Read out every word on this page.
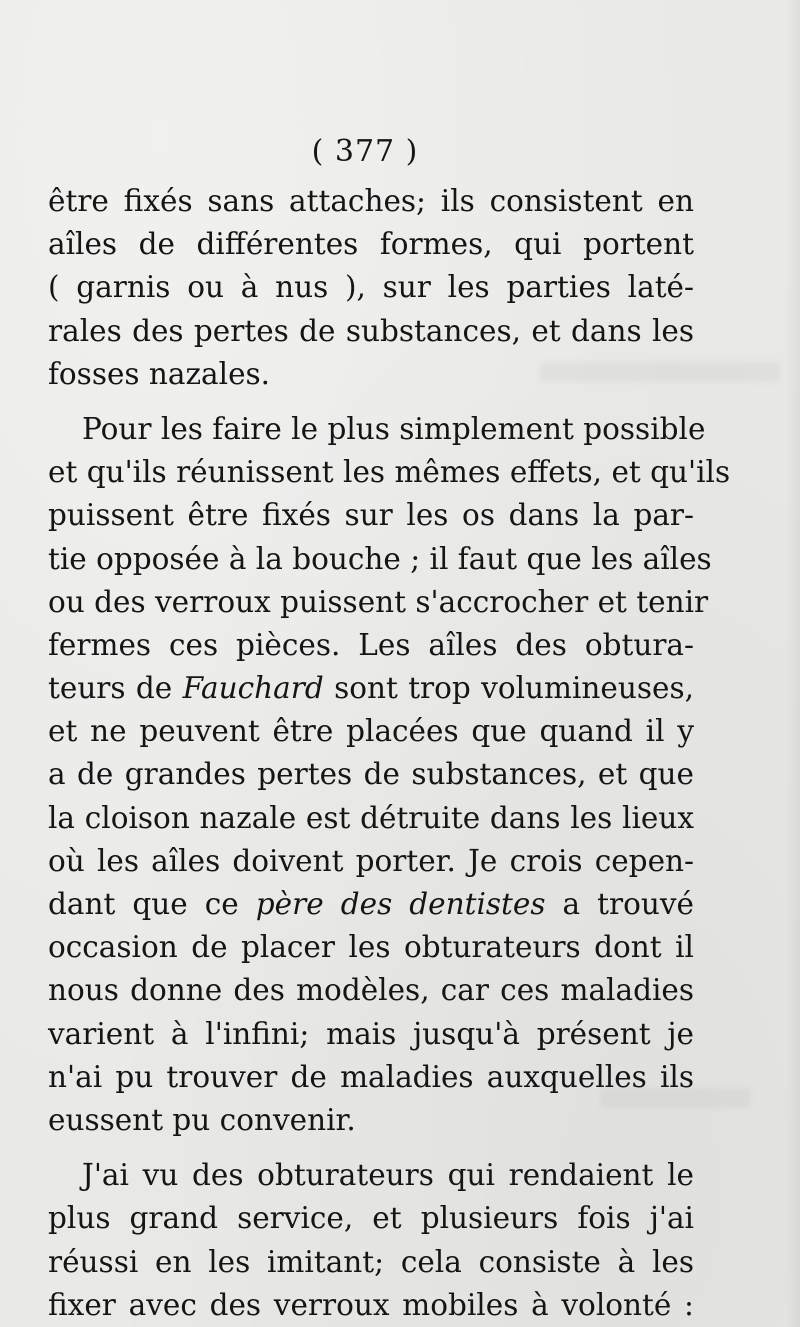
( 377 )

être fixés sans attaches; ils consistent en
aîles de différentes formes, qui portent
( garnis ou à nus ), sur les parties laté-
rales des pertes de substances, et dans les
fosses nazales.

Pour les faire le plus simplement possible
et qu'ils réunissent les mêmes effets, et qu'ils
puissent être fixés sur les os dans la par-
tie opposée à la bouche ; il faut que les aîles
ou des verroux puissent s'accrocher et tenir
fermes ces pièces. Les aîles des obtura-
teurs de Fauchard sont trop volumineuses,
et ne peuvent être placées que quand il y
a de grandes pertes de substances, et que
la cloison nazale est détruite dans les lieux
où les aîles doivent porter. Je crois cepen-
dant que ce père des dentistes a trouvé
occasion de placer les obturateurs dont il
nous donne des modèles, car ces maladies
varient à l'infini; mais jusqu'à présent je
n'ai pu trouver de maladies auxquelles ils
eussent pu convenir.

J'ai vu des obturateurs qui rendaient le
plus grand service, et plusieurs fois j'ai
réussi en les imitant; cela consiste à les
fixer avec des verroux mobiles à volonté :
